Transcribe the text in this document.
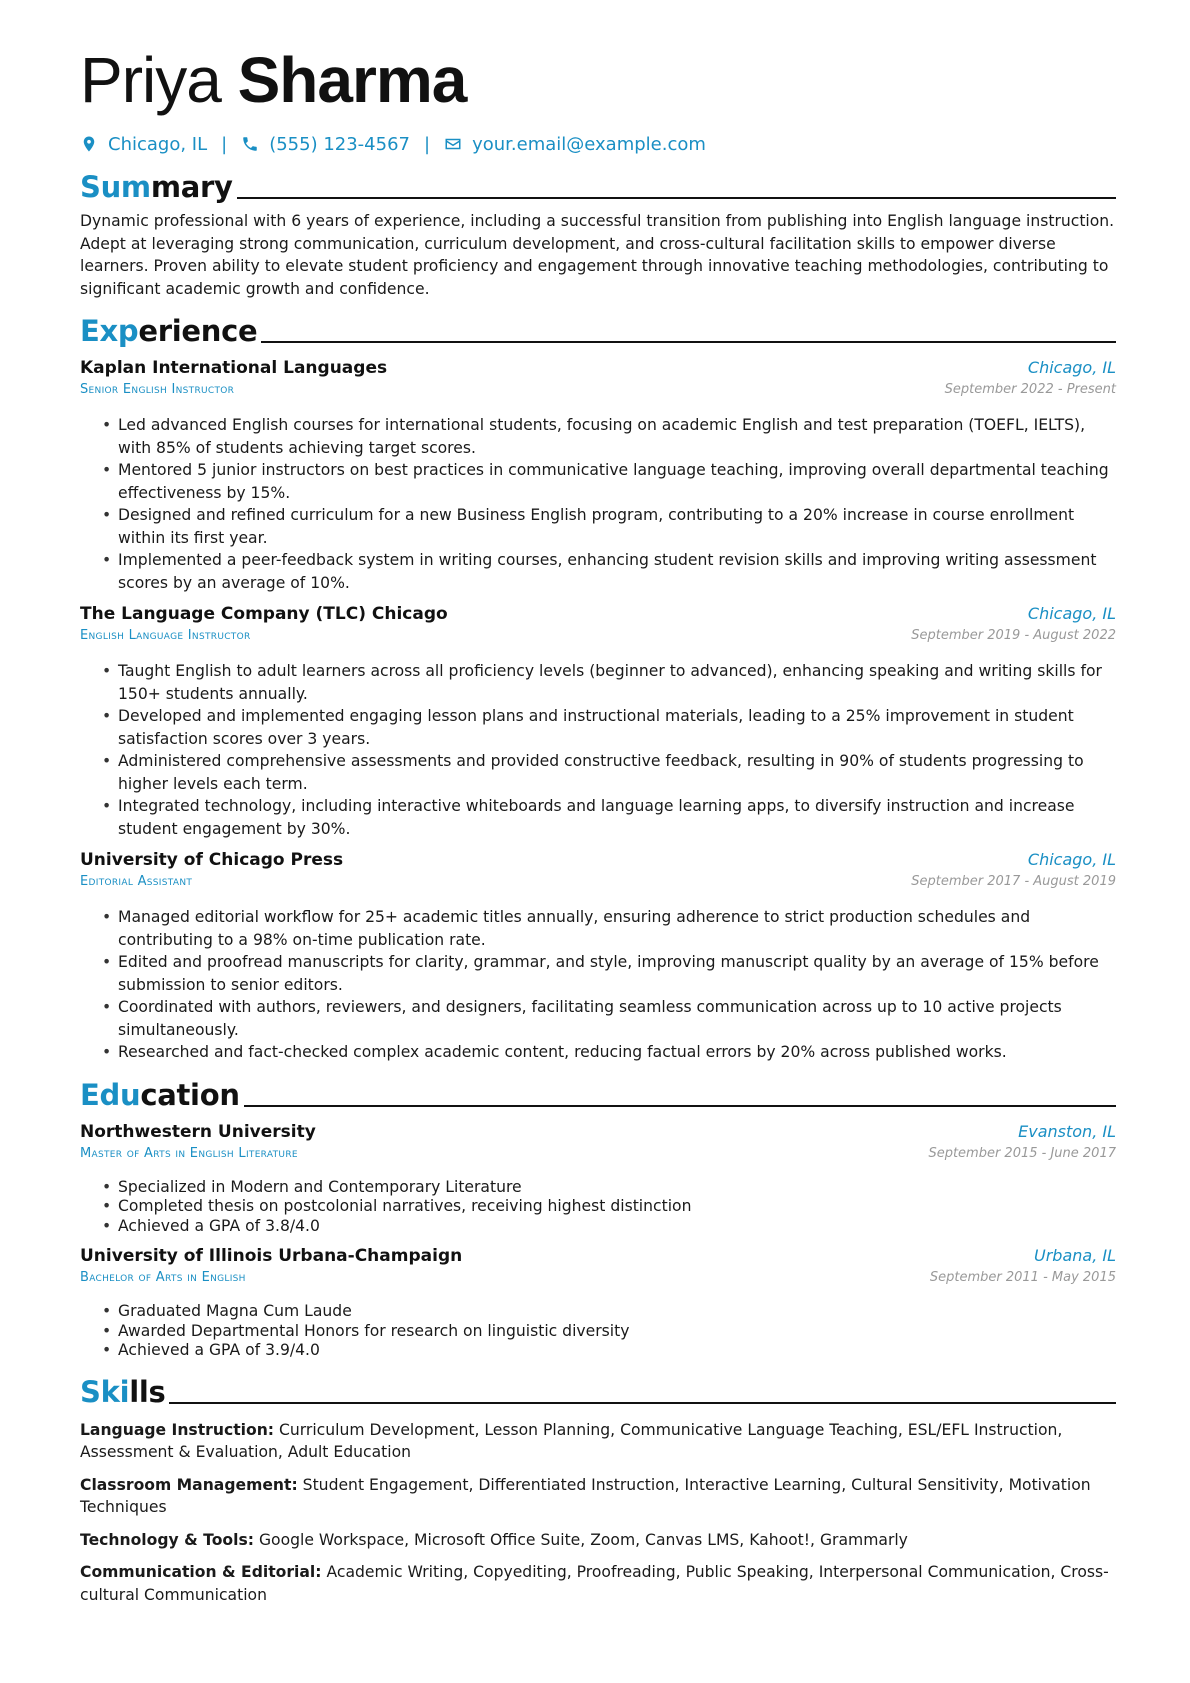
Priya Sharma
Chicago, IL | (555) 123-4567 | your.email@example.com
Summary

Dynamic professional with 6 years of experience, including a successful transition from publishing into English language instruction. Adept at leveraging strong communication, curriculum development, and cross-cultural facilitation skills to empower diverse learners. Proven ability to elevate student proficiency and engagement through innovative teaching methodologies, contributing to significant academic growth and confidence.

Experience
Kaplan International Languages	Chicago, IL
Senior English Instructor	September 2022 - Present
• Led advanced English courses for international students, focusing on academic English and test preparation (TOEFL, IELTS), with 85% of students achieving target scores.
• Mentored 5 junior instructors on best practices in communicative language teaching, improving overall departmental teaching effectiveness by 15%.
• Designed and refined curriculum for a new Business English program, contributing to a 20% increase in course enrollment within its first year.
• Implemented a peer-feedback system in writing courses, enhancing student revision skills and improving writing assessment scores by an average of 10%.
The Language Company (TLC) Chicago	Chicago, IL
English Language Instructor	September 2019 - August 2022
• Taught English to adult learners across all proficiency levels (beginner to advanced), enhancing speaking and writing skills for 150+ students annually.
• Developed and implemented engaging lesson plans and instructional materials, leading to a 25% improvement in student satisfaction scores over 3 years.
• Administered comprehensive assessments and provided constructive feedback, resulting in 90% of students progressing to higher levels each term.
• Integrated technology, including interactive whiteboards and language learning apps, to diversify instruction and increase student engagement by 30%.
University of Chicago Press	Chicago, IL
Editorial Assistant	September 2017 - August 2019
• Managed editorial workflow for 25+ academic titles annually, ensuring adherence to strict production schedules and contributing to a 98% on-time publication rate.
• Edited and proofread manuscripts for clarity, grammar, and style, improving manuscript quality by an average of 15% before submission to senior editors.
• Coordinated with authors, reviewers, and designers, facilitating seamless communication across up to 10 active projects simultaneously.
• Researched and fact-checked complex academic content, reducing factual errors by 20% across published works.
Education
Northwestern University	Evanston, IL
Master of Arts in English Literature	September 2015 - June 2017
• Specialized in Modern and Contemporary Literature
• Completed thesis on postcolonial narratives, receiving highest distinction
• Achieved a GPA of 3.8/4.0
University of Illinois Urbana-Champaign	Urbana, IL
Bachelor of Arts in English	September 2011 - May 2015
• Graduated Magna Cum Laude
• Awarded Departmental Honors for research on linguistic diversity
• Achieved a GPA of 3.9/4.0
Skills
Language Instruction: Curriculum Development, Lesson Planning, Communicative Language Teaching, ESL/EFL Instruction, Assessment & Evaluation, Adult Education
Classroom Management: Student Engagement, Differentiated Instruction, Interactive Learning, Cultural Sensitivity, Motivation Techniques
Technology & Tools: Google Workspace, Microsoft Office Suite, Zoom, Canvas LMS, Kahoot!, Grammarly
Communication & Editorial: Academic Writing, Copyediting, Proofreading, Public Speaking, Interpersonal Communication, Cross-cultural Communication
